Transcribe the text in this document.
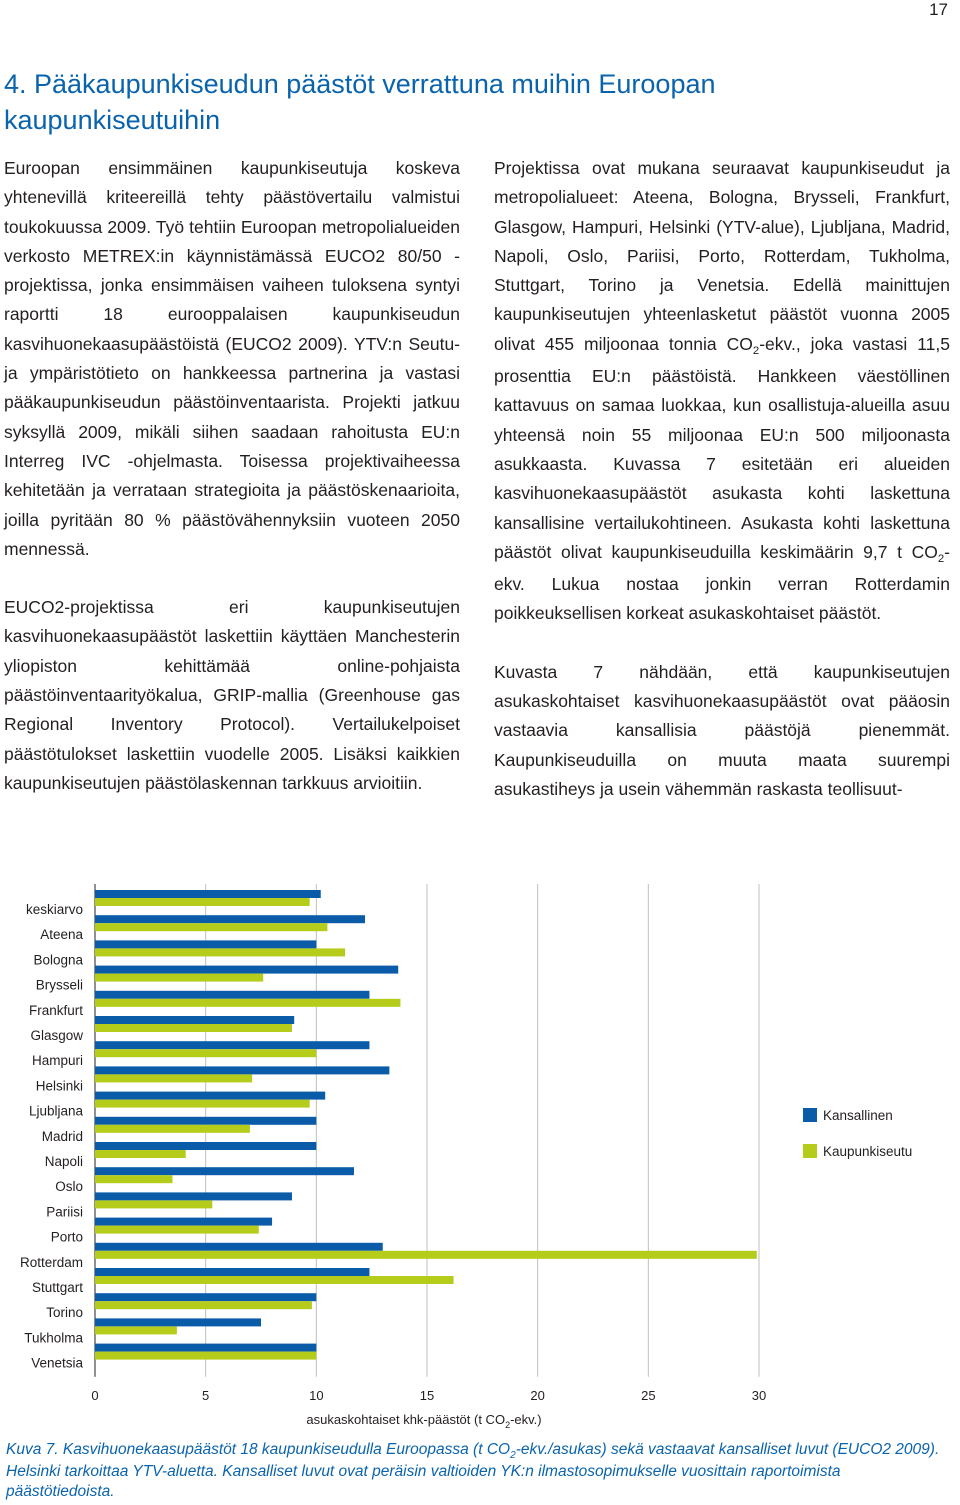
17
4. Pääkaupunkiseudun päästöt verrattuna muihin Euroopan kaupunkiseutuihin

Euroopan ensimmäinen kaupunkiseutuja koskeva yhtenevillä kriteereillä tehty päästövertailu valmistui toukokuussa 2009. Työ tehtiin Euroopan metropolialueiden verkosto METREX:in käynnistämässä EUCO2 80/50 -projektissa, jonka ensimmäisen vaiheen tuloksena syntyi raportti 18 eurooppalaisen kaupunkiseudun kasvihuonekaasupäästöistä (EUCO2 2009). YTV:n Seutu- ja ympäristötieto on hankkeessa partnerina ja vastasi pääkaupunkiseudun päästöinventaarista. Projekti jatkuu syksyllä 2009, mikäli siihen saadaan rahoitusta EU:n Interreg IVC -ohjelmasta. Toisessa projektivaiheessa kehitetään ja verrataan strategioita ja päästöskenaarioita, joilla pyritään 80 % päästövähennyksiin vuoteen 2050 mennessä.

EUCO2-projektissa eri kaupunkiseutujen kasvihuonekaasupäästöt laskettiin käyttäen Manchesterin yliopiston kehittämää online-pohjaista päästöinventaarityökalua, GRIP-mallia (Greenhouse gas Regional Inventory Protocol). Vertailukelpoiset päästötulokset laskettiin vuodelle 2005. Lisäksi kaikkien kaupunkiseutujen päästölaskennan tarkkuus arvioitiin.

Projektissa ovat mukana seuraavat kaupunkiseudut ja metropolialueet: Ateena, Bologna, Brysseli, Frankfurt, Glasgow, Hampuri, Helsinki (YTV-alue), Ljubljana, Madrid, Napoli, Oslo, Pariisi, Porto, Rotterdam, Tukholma, Stuttgart, Torino ja Venetsia. Edellä mainittujen kaupunkiseutujen yhteenlasketut päästöt vuonna 2005 olivat 455 miljoonaa tonnia $CO_2$-ekv., joka vastasi 11,5 prosenttia EU:n päästöistä. Hankkeen väestöllinen kattavuus on samaa luokkaa, kun osallistuja-alueilla asuu yhteensä noin 55 miljoonaa EU:n 500 miljoonasta asukkaasta. Kuvassa 7 esitetään eri alueiden kasvihuonekaasupäästöt asukasta kohti laskettuna kansallisine vertailukohtineen. Asukasta kohti laskettuna päästöt olivat kaupunkiseuduilla keskimäärin 9,7 t $CO_2$-ekv. Lukua nostaa jonkin verran Rotterdamin poikkeuksellisen korkeat asukaskohtaiset päästöt.

Kuvasta 7 nähdään, että kaupunkiseutujen asukaskohtaiset kasvihuonekaasupäästöt ovat pääosin vastaavia kansallisia päästöjä pienemmät. Kaupunkiseuduilla on muuta maata suurempi asukastiheys ja usein vähemmän raskasta teollisuut-

0	5	10	15	20	25	30
keskiarvo
Ateena
Bologna
Brysseli
Frankfurt
Glasgow
Hampuri
Helsinki
Ljubljana
Madrid
Napoli
Oslo
Pariisi
Porto
Rotterdam
Stuttgart
Torino
Tukholma
Venetsia
asukaskohtaiset khk-päästöt (t $CO_2-ekv$.)
Kansallinen
Kaupunkiseutu

Kuva 7. Kasvihuonekaasupäästöt 18 kaupunkiseudulla Euroopassa (t $CO_2-ekv./asukas$) sekä vastaavat kansalliset luvut (EUCO2 2009). Helsinki tarkoittaa YTV-aluetta. Kansalliset luvut ovat peräisin valtioiden YK:n ilmastosopimukselle vuosittain raportoimista päästötiedoista.
